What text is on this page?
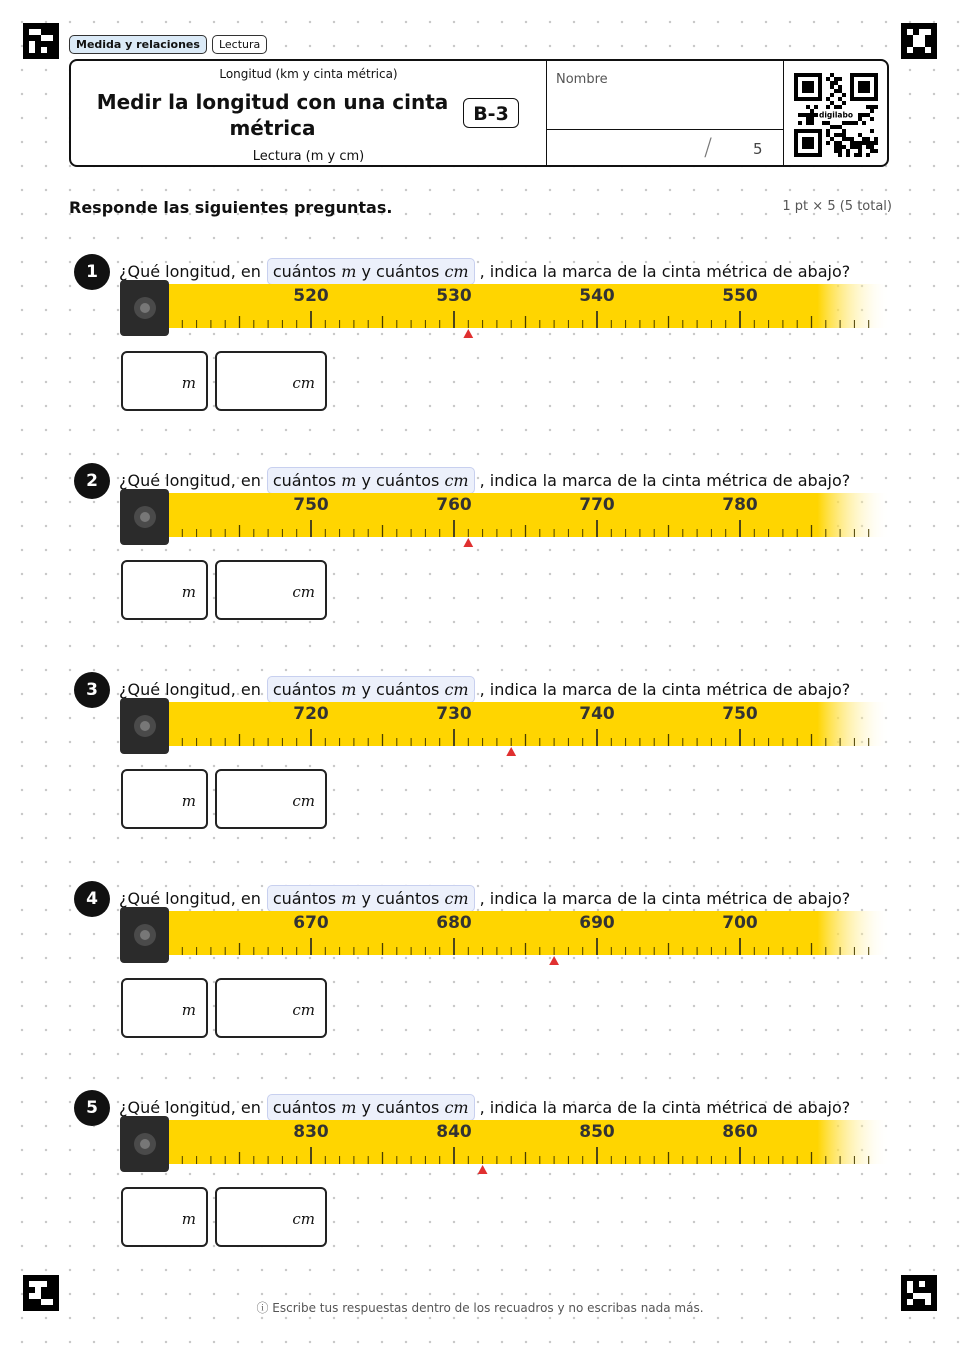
Medida y relaciones	Lectura
Longitud (km y cinta métrica)
Medir la longitud con una cinta métrica
Lectura (m y cm)
B-3
Nombre
/	5
digilabo
Responde las siguientes preguntas.	1 pt × 5 (5 total)
1	¿Qué longitud, en cuántos m y cuántos cm , indica la marca de la cinta métrica de abajo?
520	530	540	550
m	cm
2	¿Qué longitud, en cuántos m y cuántos cm , indica la marca de la cinta métrica de abajo?
750	760	770	780
m	cm
3	¿Qué longitud, en cuántos m y cuántos cm , indica la marca de la cinta métrica de abajo?
720	730	740	750
m	cm
4	¿Qué longitud, en cuántos m y cuántos cm , indica la marca de la cinta métrica de abajo?
670	680	690	700
m	cm
5	¿Qué longitud, en cuántos m y cuántos cm , indica la marca de la cinta métrica de abajo?
830	840	850	860
m	cm
ⓘ Escribe tus respuestas dentro de los recuadros y no escribas nada más.
